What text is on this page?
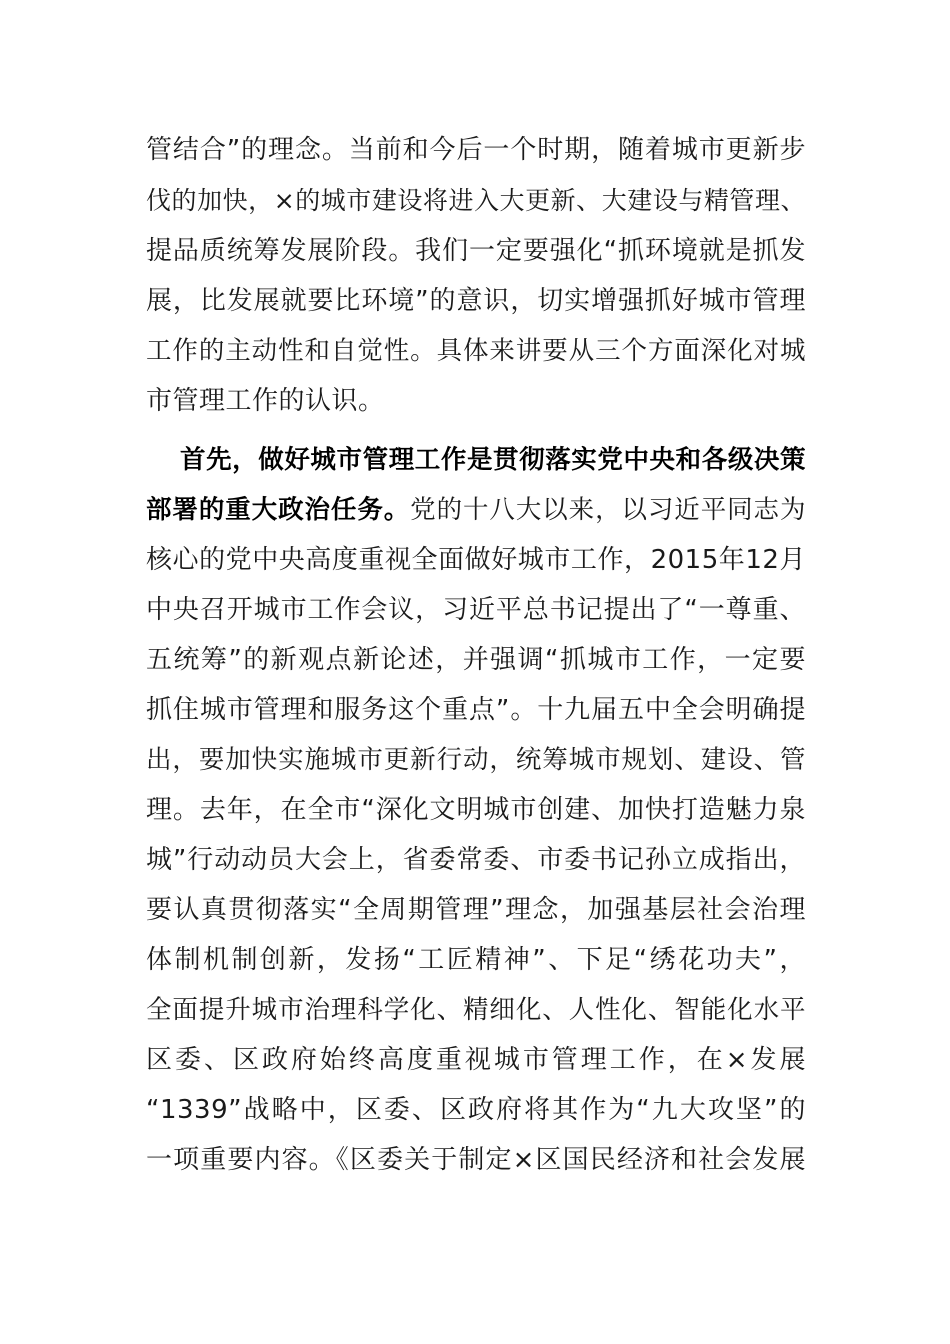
管结合”的理念。当前和今后一个时期，随着城市更新步
伐的加快，×的城市建设将进入大更新、大建设与精管理、
提品质统筹发展阶段。我们一定要强化“抓环境就是抓发
展，比发展就要比环境”的意识，切实增强抓好城市管理
工作的主动性和自觉性。具体来讲要从三个方面深化对城
市管理工作的认识。
首先，做好城市管理工作是贯彻落实党中央和各级决策
部署的重大政治任务。党的十八大以来，以习近平同志为
核心的党中央高度重视全面做好城市工作，2015年12月
中央召开城市工作会议，习近平总书记提出了“一尊重、
五统筹”的新观点新论述，并强调“抓城市工作，一定要
抓住城市管理和服务这个重点”。十九届五中全会明确提
出，要加快实施城市更新行动，统筹城市规划、建设、管
理。去年，在全市“深化文明城市创建、加快打造魅力泉
城”行动动员大会上，省委常委、市委书记孙立成指出，
要认真贯彻落实“全周期管理”理念，加强基层社会治理
体制机制创新，发扬“工匠精神”、下足“绣花功夫”，
全面提升城市治理科学化、精细化、人性化、智能化水平
区委、区政府始终高度重视城市管理工作，在×发展
“1339”战略中，区委、区政府将其作为“九大攻坚”的
一项重要内容。《区委关于制定×区国民经济和社会发展
